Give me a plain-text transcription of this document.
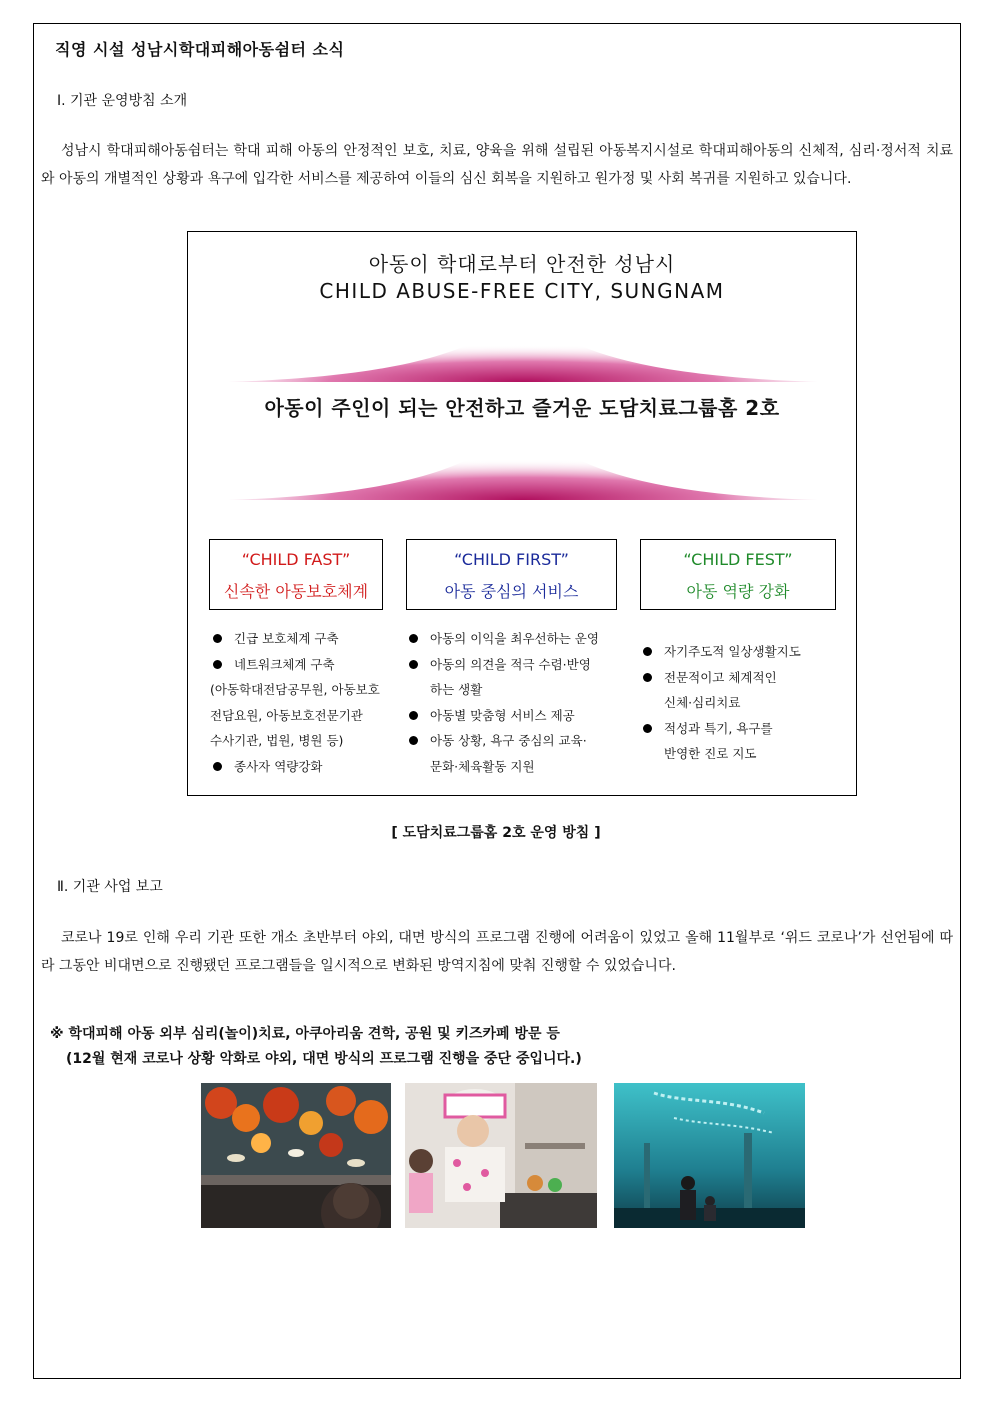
직영 시설 성남시학대피해아동쉼터 소식
Ⅰ. 기관 운영방침 소개
성남시 학대피해아동쉼터는 학대 피해 아동의 안정적인 보호, 치료, 양육을 위해 설립된 아동복지시설로 학대피해아동의 신체적, 심리·정서적 치료와 아동의 개별적인 상황과 욕구에 입각한 서비스를 제공하여 이들의 심신 회복을 지원하고 원가정 및 사회 복귀를 지원하고 있습니다.
아동이 학대로부터 안전한 성남시
CHILD ABUSE-FREE CITY, SUNGNAM
아동이 주인이 되는 안전하고 즐거운 도담치료그룹홈 2호
“CHILD FAST”
신속한 아동보호체계
“CHILD FIRST”
아동 중심의 서비스
“CHILD FEST”
아동 역량 강화
긴급 보호체계 구축
네트워크체계 구축
(아동학대전담공무원, 아동보호
전담요원, 아동보호전문기관
수사기관, 법원, 병원 등)
종사자 역량강화
아동의 이익을 최우선하는 운영
아동의 의견을 적극 수렴·반영
하는 생활
아동별 맞춤형 서비스 제공
아동 상황, 욕구 중심의 교육·
문화·체육활동 지원
자기주도적 일상생활지도
전문적이고 체계적인
신체·심리치료
적성과 특기, 욕구를
반영한 진로 지도
[ 도담치료그룹홈 2호 운영 방침 ]
Ⅱ. 기관 사업 보고
코로나 19로 인해 우리 기관 또한 개소 초반부터 야외, 대면 방식의 프로그램 진행에 어려움이 있었고 올해 11월부로 ‘위드 코로나’가 선언됨에 따라 그동안 비대면으로 진행됐던 프로그램들을 일시적으로 변화된 방역지침에 맞춰 진행할 수 있었습니다.
※ 학대피해 아동 외부 심리(놀이)치료, 아쿠아리움 견학, 공원 및 키즈카페 방문 등
(12월 현재 코로나 상황 악화로 야외, 대면 방식의 프로그램 진행을 중단 중입니다.)
